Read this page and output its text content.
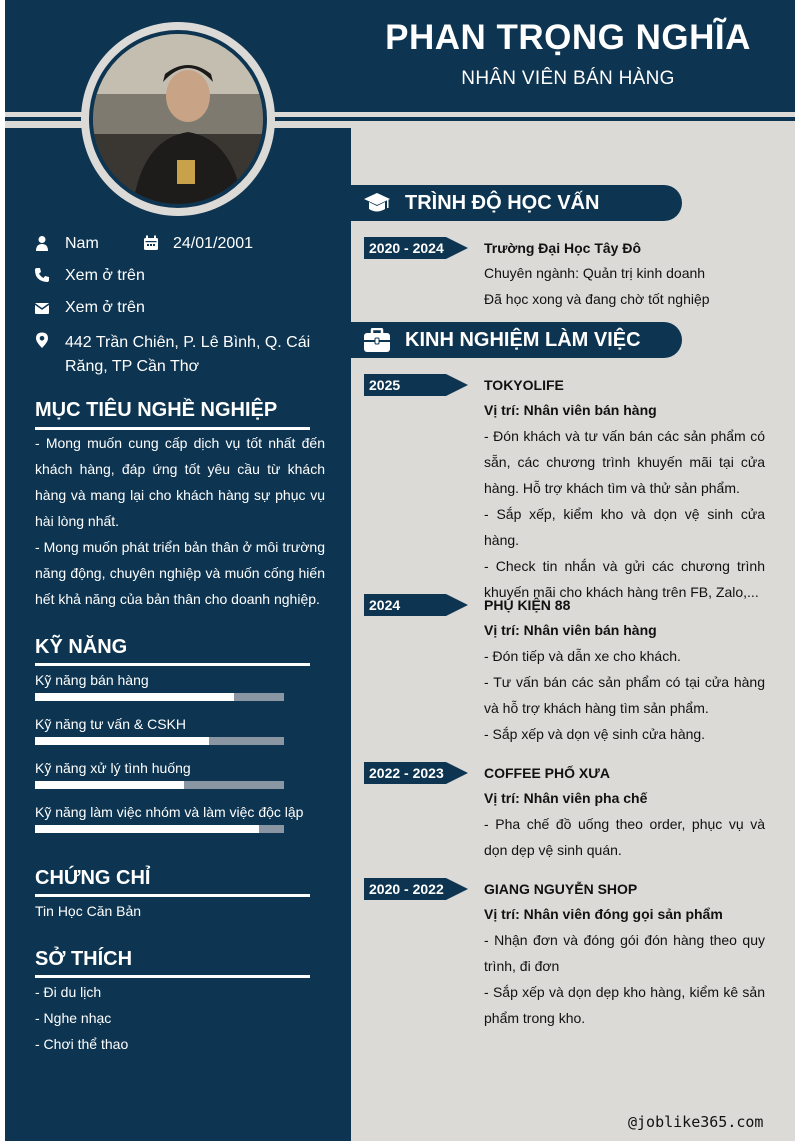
PHAN TRỌNG NGHĨA
NHÂN VIÊN BÁN HÀNG
Nam	24/01/2001
Xem ở trên
Xem ở trên
442 Trần Chiên, P. Lê Bình, Q. Cái
Răng, TP Cần Thơ
MỤC TIÊU NGHỀ NGHIỆP
- Mong muốn cung cấp dịch vụ tốt nhất đến khách hàng, đáp ứng tốt yêu cầu từ khách hàng và mang lại cho khách hàng sự phục vụ hài lòng nhất.
- Mong muốn phát triển bản thân ở môi trường năng động, chuyên nghiệp và muốn cống hiến hết khả năng của bản thân cho doanh nghiệp.
KỸ NĂNG
Kỹ năng bán hàng
Kỹ năng tư vấn & CSKH
Kỹ năng xử lý tình huống
Kỹ năng làm việc nhóm và làm việc độc lập
CHỨNG CHỈ
Tin Học Căn Bản
SỞ THÍCH
- Đi du lịch
- Nghe nhạc
- Chơi thể thao
TRÌNH ĐỘ HỌC VẤN
2020 - 2024	Trường Đại Học Tây Đô
Chuyên ngành: Quản trị kinh doanh
Đã học xong và đang chờ tốt nghiệp
KINH NGHIỆM LÀM VIỆC
2025	TOKYOLIFE
Vị trí: Nhân viên bán hàng
- Đón khách và tư vấn bán các sản phẩm có sẵn, các chương trình khuyến mãi tại cửa hàng. Hỗ trợ khách tìm và thử sản phẩm.
- Sắp xếp, kiểm kho và dọn vệ sinh cửa hàng.
- Check tin nhắn và gửi các chương trình khuyến mãi cho khách hàng trên FB, Zalo,...
2024	PHỤ KIỆN 88
Vị trí: Nhân viên bán hàng
- Đón tiếp và dẫn xe cho khách.
- Tư vấn bán các sản phẩm có tại cửa hàng và hỗ trợ khách hàng tìm sản phẩm.
- Sắp xếp và dọn vệ sinh cửa hàng.
2022 - 2023	COFFEE PHỐ XƯA
Vị trí: Nhân viên pha chế
- Pha chế đồ uống theo order, phục vụ và dọn dẹp vệ sinh quán.
2020 - 2022	GIANG NGUYỄN SHOP
Vị trí: Nhân viên đóng gọi sản phẩm
- Nhận đơn và đóng gói đón hàng theo quy trình, đi đơn
- Sắp xếp và dọn dẹp kho hàng, kiểm kê sản phẩm trong kho.
@joblike365.com
